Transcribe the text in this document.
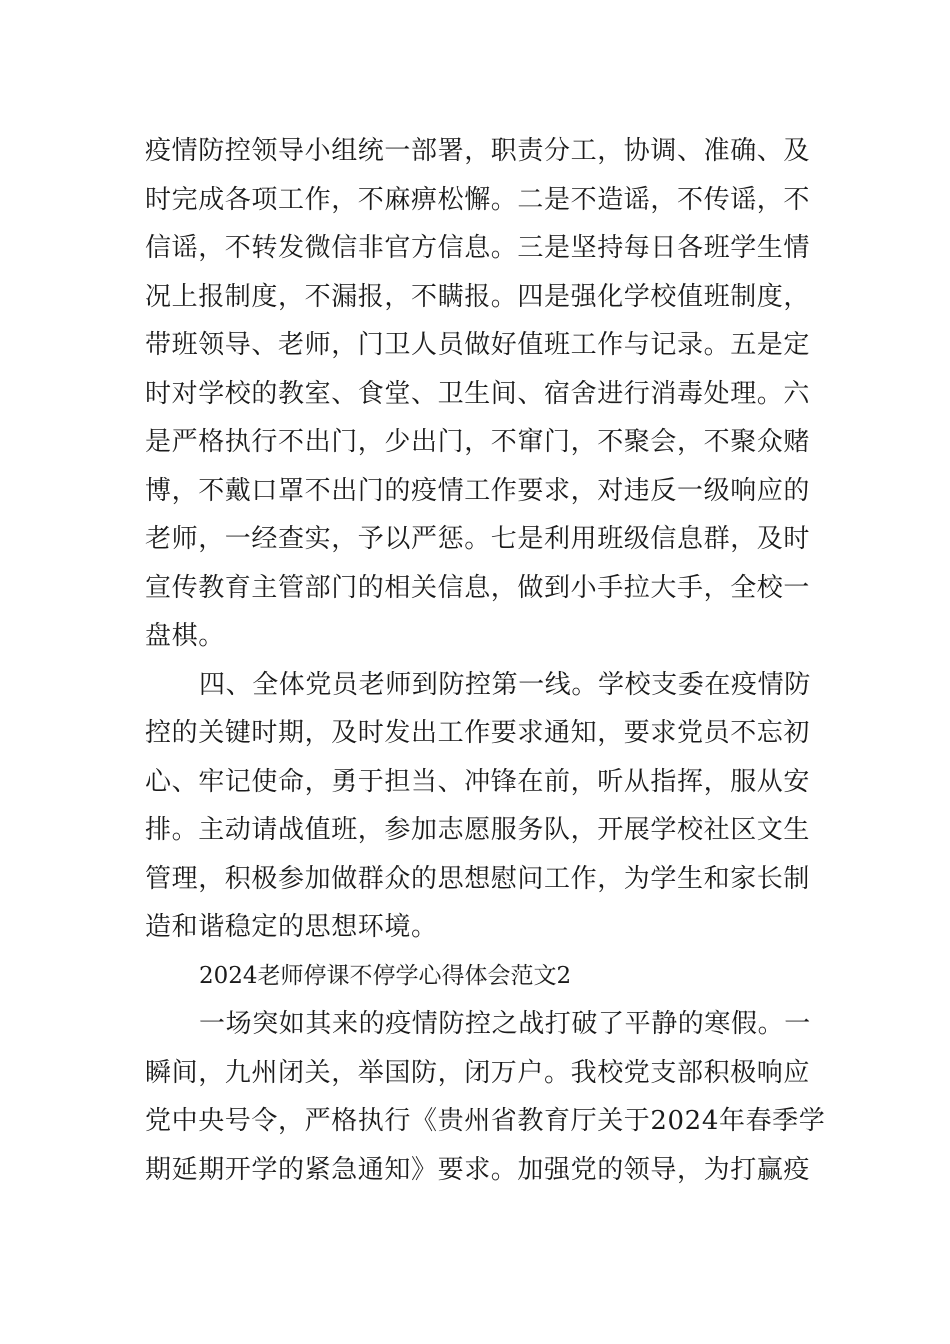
疫情防控领导小组统一部署，职责分工，协调、准确、及
时完成各项工作，不麻痹松懈。二是不造谣，不传谣，不
信谣，不转发微信非官方信息。三是坚持每日各班学生情
况上报制度，不漏报，不瞒报。四是强化学校值班制度，
带班领导、老师，门卫人员做好值班工作与记录。五是定
时对学校的教室、食堂、卫生间、宿舍进行消毒处理。六
是严格执行不出门，少出门，不窜门，不聚会，不聚众赌
博，不戴口罩不出门的疫情工作要求，对违反一级响应的
老师，一经查实，予以严惩。七是利用班级信息群，及时
宣传教育主管部门的相关信息，做到小手拉大手，全校一
盘棋。
四、全体党员老师到防控第一线。学校支委在疫情防
控的关键时期，及时发出工作要求通知，要求党员不忘初
心、牢记使命，勇于担当、冲锋在前，听从指挥，服从安
排。主动请战值班，参加志愿服务队，开展学校社区文生
管理，积极参加做群众的思想慰问工作，为学生和家长制
造和谐稳定的思想环境。
2024老师停课不停学心得体会范文2
一场突如其来的疫情防控之战打破了平静的寒假。一
瞬间，九州闭关，举国防，闭万户。我校党支部积极响应
党中央号令，严格执行《贵州省教育厅关于2024年春季学
期延期开学的紧急通知》要求。加强党的领导，为打赢疫
